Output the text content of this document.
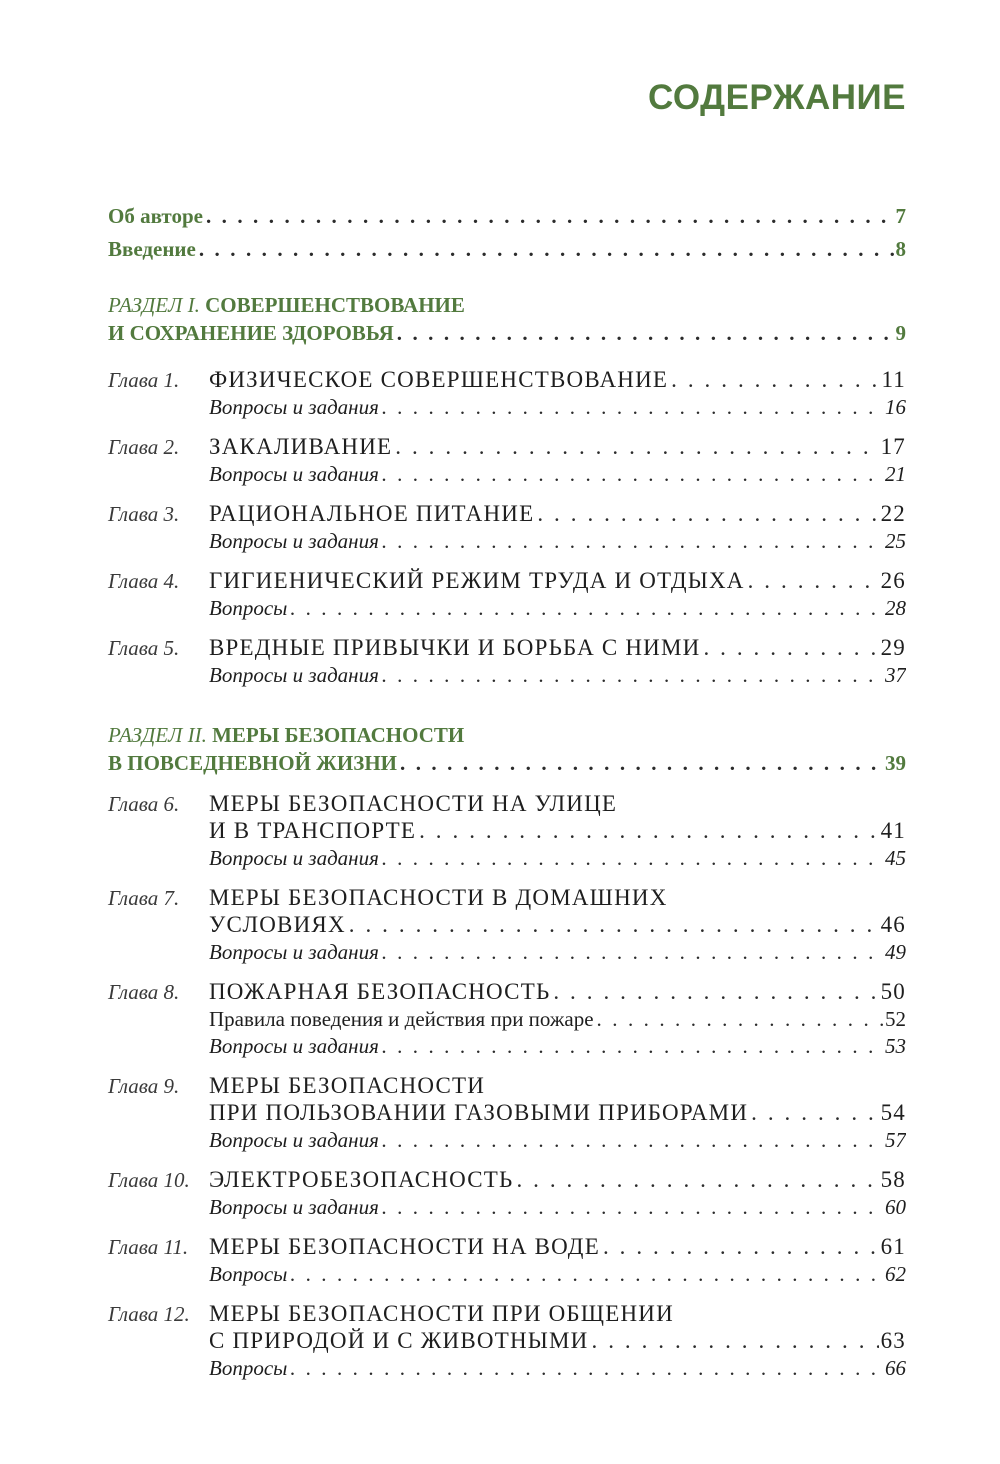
СОДЕРЖАНИЕ
Об авторе . . .	7
Введение . . .	8
РАЗДЕЛ I. СОВЕРШЕНСТВОВАНИЕ
И СОХРАНЕНИЕ ЗДОРОВЬЯ . . .	9
Глава 1. ФИЗИЧЕСКОЕ СОВЕРШЕНСТВОВАНИЕ . . .	11
Вопросы и задания . . .	16
Глава 2. ЗАКАЛИВАНИЕ . . .	17
Вопросы и задания . . .	21
Глава 3. РАЦИОНАЛЬНОЕ ПИТАНИЕ . . .	22
Вопросы и задания . . .	25
Глава 4. ГИГИЕНИЧЕСКИЙ РЕЖИМ ТРУДА И ОТДЫХА . . .	26
Вопросы . . .	28
Глава 5. ВРЕДНЫЕ ПРИВЫЧКИ И БОРЬБА С НИМИ . . .	29
Вопросы и задания . . .	37
РАЗДЕЛ II. МЕРЫ БЕЗОПАСНОСТИ
В ПОВСЕДНЕВНОЙ ЖИЗНИ . . .	39
Глава 6. МЕРЫ БЕЗОПАСНОСТИ НА УЛИЦЕ
И В ТРАНСПОРТЕ . . .	41
Вопросы и задания . . .	45
Глава 7. МЕРЫ БЕЗОПАСНОСТИ В ДОМАШНИХ
УСЛОВИЯХ . . .	46
Вопросы и задания . . .	49
Глава 8. ПОЖАРНАЯ БЕЗОПАСНОСТЬ . . .	50
Правила поведения и действия при пожаре . . .	52
Вопросы и задания . . .	53
Глава 9. МЕРЫ БЕЗОПАСНОСТИ
ПРИ ПОЛЬЗОВАНИИ ГАЗОВЫМИ ПРИБОРАМИ . . .	54
Вопросы и задания . . .	57
Глава 10. ЭЛЕКТРОБЕЗОПАСНОСТЬ . . .	58
Вопросы и задания . . .	60
Глава 11. МЕРЫ БЕЗОПАСНОСТИ НА ВОДЕ . . .	61
Вопросы . . .	62
Глава 12. МЕРЫ БЕЗОПАСНОСТИ ПРИ ОБЩЕНИИ
С ПРИРОДОЙ И С ЖИВОТНЫМИ . . .	63
Вопросы . . .	66
